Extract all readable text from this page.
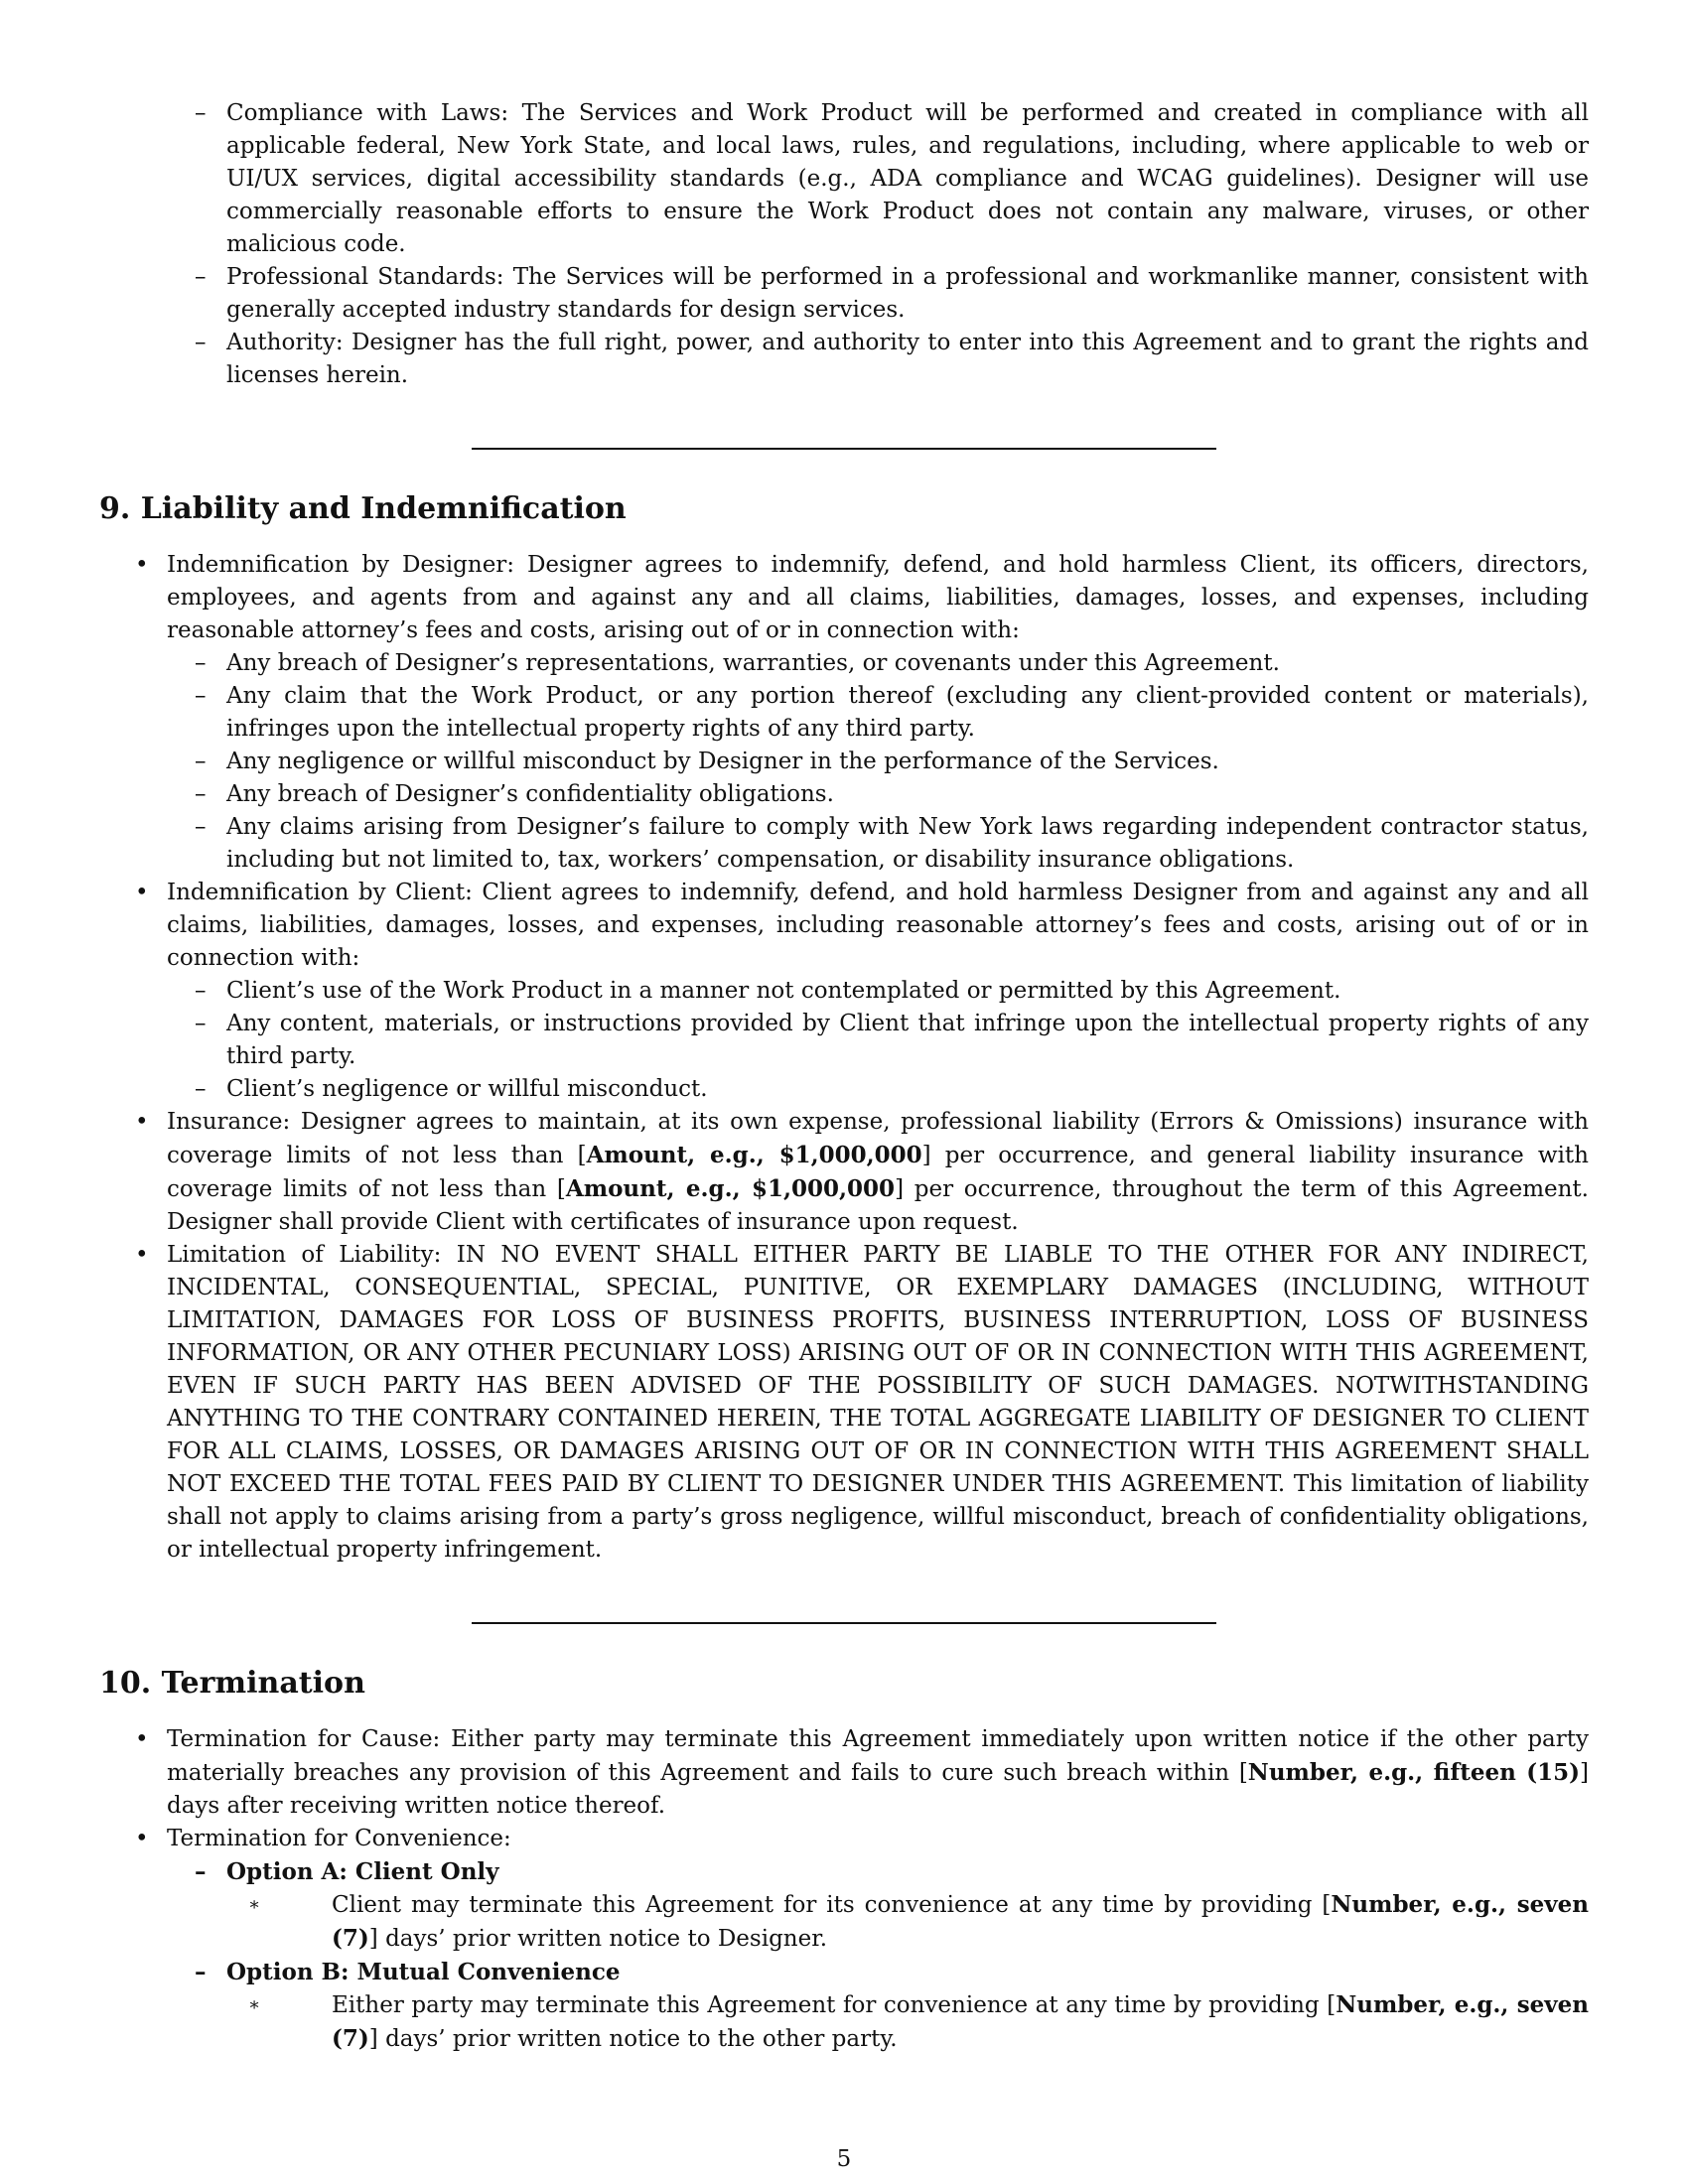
– Compliance with Laws: The Services and Work Product will be performed and created in compliance with all applicable federal, New York State, and local laws, rules, and regulations, including, where applicable to web or UI/UX services, digital accessibility standards (e.g., ADA compliance and WCAG guidelines). Designer will use commercially reasonable efforts to ensure the Work Product does not contain any malware, viruses, or other malicious code.

– Professional Standards: The Services will be performed in a professional and workmanlike manner, consistent with generally accepted industry standards for design services.

– Authority: Designer has the full right, power, and authority to enter into this Agreement and to grant the rights and licenses herein.

9. Liability and Indemnification

• Indemnification by Designer: Designer agrees to indemnify, defend, and hold harmless Client, its officers, directors, employees, and agents from and against any and all claims, liabilities, damages, losses, and expenses, including reasonable attorney’s fees and costs, arising out of or in connection with:

– Any breach of Designer’s representations, warranties, or covenants under this Agreement.

– Any claim that the Work Product, or any portion thereof (excluding any client-provided content or materials), infringes upon the intellectual property rights of any third party.

– Any negligence or willful misconduct by Designer in the performance of the Services.

– Any breach of Designer’s confidentiality obligations.

– Any claims arising from Designer’s failure to comply with New York laws regarding independent contractor status, including but not limited to, tax, workers’ compensation, or disability insurance obligations.

• Indemnification by Client: Client agrees to indemnify, defend, and hold harmless Designer from and against any and all claims, liabilities, damages, losses, and expenses, including reasonable attorney’s fees and costs, arising out of or in connection with:

– Client’s use of the Work Product in a manner not contemplated or permitted by this Agreement.

– Any content, materials, or instructions provided by Client that infringe upon the intellectual property rights of any third party.

– Client’s negligence or willful misconduct.

• Insurance: Designer agrees to maintain, at its own expense, professional liability (Errors & Omissions) insurance with coverage limits of not less than [Amount, e.g., $1,000,000] per occurrence, and general liability insurance with coverage limits of not less than [Amount, e.g., $1,000,000] per occurrence, throughout the term of this Agreement. Designer shall provide Client with certificates of insurance upon request.

• Limitation of Liability: IN NO EVENT SHALL EITHER PARTY BE LIABLE TO THE OTHER FOR ANY INDIRECT, INCIDENTAL, CONSEQUENTIAL, SPECIAL, PUNITIVE, OR EXEMPLARY DAMAGES (INCLUDING, WITHOUT LIMITATION, DAMAGES FOR LOSS OF BUSINESS PROFITS, BUSINESS INTERRUPTION, LOSS OF BUSINESS INFORMATION, OR ANY OTHER PECUNIARY LOSS) ARISING OUT OF OR IN CONNECTION WITH THIS AGREEMENT, EVEN IF SUCH PARTY HAS BEEN ADVISED OF THE POSSIBILITY OF SUCH DAMAGES. NOTWITHSTANDING ANYTHING TO THE CONTRARY CONTAINED HEREIN, THE TOTAL AGGREGATE LIABILITY OF DESIGNER TO CLIENT FOR ALL CLAIMS, LOSSES, OR DAMAGES ARISING OUT OF OR IN CONNECTION WITH THIS AGREEMENT SHALL NOT EXCEED THE TOTAL FEES PAID BY CLIENT TO DESIGNER UNDER THIS AGREEMENT. This limitation of liability shall not apply to claims arising from a party’s gross negligence, willful misconduct, breach of confidentiality obligations, or intellectual property infringement.

10. Termination

• Termination for Cause: Either party may terminate this Agreement immediately upon written notice if the other party materially breaches any provision of this Agreement and fails to cure such breach within [Number, e.g., fifteen (15)] days after receiving written notice thereof.

• Termination for Convenience:

– Option A: Client Only

∗	Client may terminate this Agreement for its convenience at any time by providing [Number, e.g., seven (7)] days’ prior written notice to Designer.

– Option B: Mutual Convenience

∗	Either party may terminate this Agreement for convenience at any time by providing [Number, e.g., seven (7)] days’ prior written notice to the other party.

5
